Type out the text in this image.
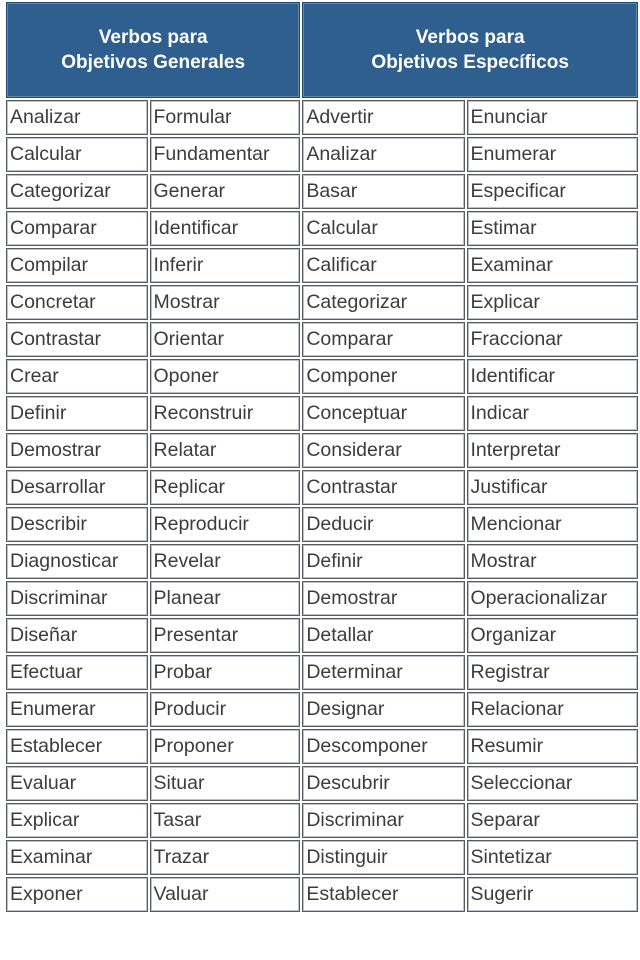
Verbos para
Objetivos Generales		Verbos para
Objetivos Específicos	

Analizar	Formular	Advertir	Enunciar
Calcular	Fundamentar	Analizar	Enumerar
Categorizar	Generar	Basar	Especificar
Comparar	Identificar	Calcular	Estimar
Compilar	Inferir	Calificar	Examinar
Concretar	Mostrar	Categorizar	Explicar
Contrastar	Orientar	Comparar	Fraccionar
Crear	Oponer	Componer	Identificar
Definir	Reconstruir	Conceptuar	Indicar
Demostrar	Relatar	Considerar	Interpretar
Desarrollar	Replicar	Contrastar	Justificar
Describir	Reproducir	Deducir	Mencionar
Diagnosticar	Revelar	Definir	Mostrar
Discriminar	Planear	Demostrar	Operacionalizar
Diseñar	Presentar	Detallar	Organizar
Efectuar	Probar	Determinar	Registrar
Enumerar	Producir	Designar	Relacionar
Establecer	Proponer	Descomponer	Resumir
Evaluar	Situar	Descubrir	Seleccionar
Explicar	Tasar	Discriminar	Separar
Examinar	Trazar	Distinguir	Sintetizar
Exponer	Valuar	Establecer	Sugerir
